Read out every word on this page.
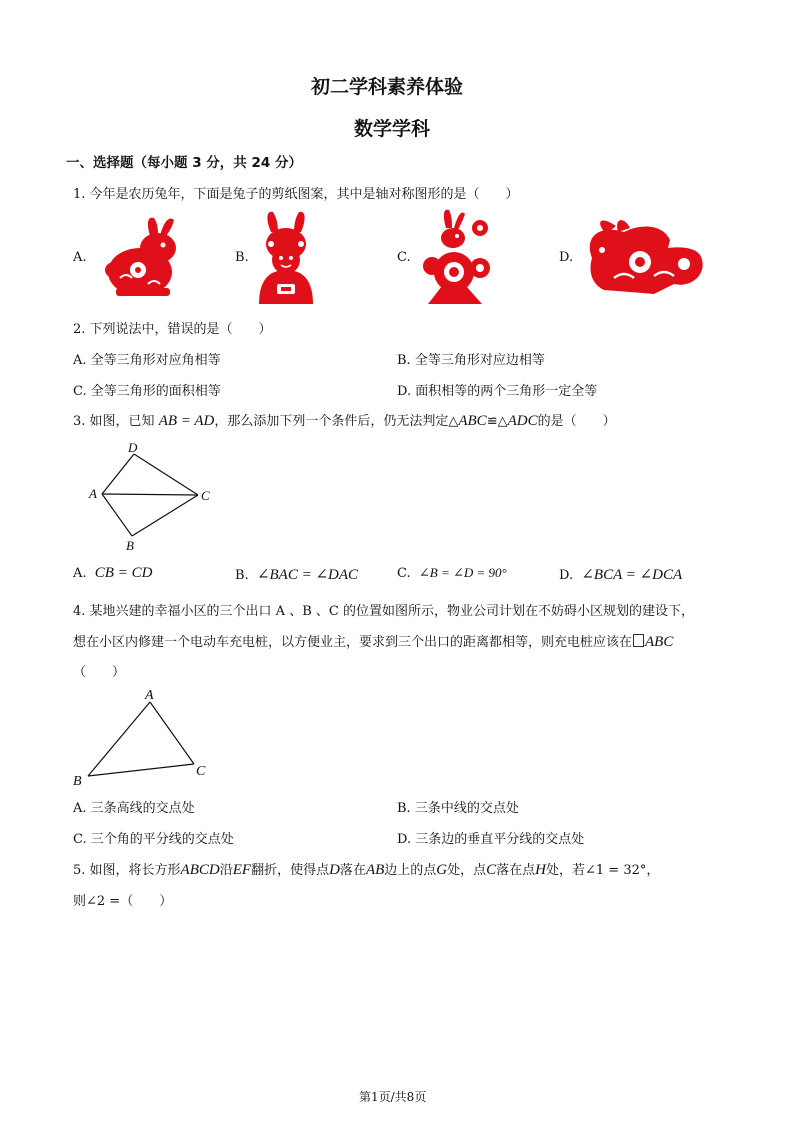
初二学科素养体验
数学学科
一、选择题（每小题 3 分，共 24 分）
1. 今年是农历兔年，下面是兔子的剪纸图案，其中是轴对称图形的是（　　）
A.	B.	C.	D.
2. 下列说法中，错误的是（　　）
A. 全等三角形对应角相等	B. 全等三角形对应边相等
C. 全等三角形的面积相等	D. 面积相等的两个三角形一定全等
3. 如图，已知 AB = AD，那么添加下列一个条件后，仍无法判定△ABC≌△ADC的是（　　）
D
A	C
B
A. CB = CD	B. ∠BAC = ∠DAC	C. ∠B = ∠D = 90°	D. ∠BCA = ∠DCA
4. 某地兴建的幸福小区的三个出口 A 、B 、C 的位置如图所示，物业公司计划在不妨碍小区规划的建设下，
想在小区内修建一个电动车充电桩，以方便业主，要求到三个出口的距离都相等，则充电桩应该在 ABC
（　　）
A
B
C
A. 三条高线的交点处	B. 三条中线的交点处
C. 三个角的平分线的交点处	D. 三条边的垂直平分线的交点处
5. 如图，将长方形ABCD沿EF翻折，使得点D落在AB边上的点G处，点C落在点H处，若∠1 = 32°，
则∠2 =（　　）
第1页/共8页
